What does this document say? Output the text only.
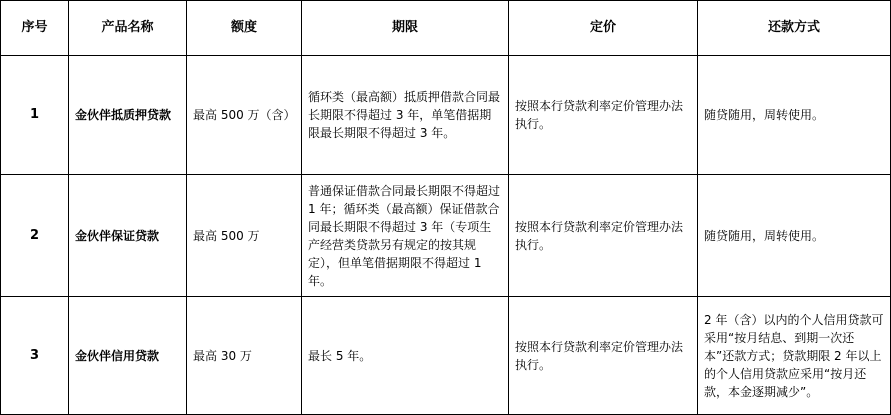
序号	产品名称	额度	期限	定价	还款方式
1	金伙伴抵质押贷款	最高 500 万（含）	循环类（最高额）抵质押借款合同最长期限不得超过 3 年，单笔借据期限最长期限不得超过 3 年。	按照本行贷款利率定价管理办法执行。	随贷随用，周转使用。
2	金伙伴保证贷款	最高 500 万	普通保证借款合同最长期限不得超过 1 年；循环类（最高额）保证借款合同最长期限不得超过 3 年（专项生产经营类贷款另有规定的按其规定），但单笔借据期限不得超过 1 年。	按照本行贷款利率定价管理办法执行。	随贷随用，周转使用。
3	金伙伴信用贷款	最高 30 万	最长 5 年。	按照本行贷款利率定价管理办法执行。	2 年（含）以内的个人信用贷款可采用“按月结息、到期一次还本”还款方式；贷款期限 2 年以上的个人信用贷款应采用“按月还款，本金逐期减少”。
